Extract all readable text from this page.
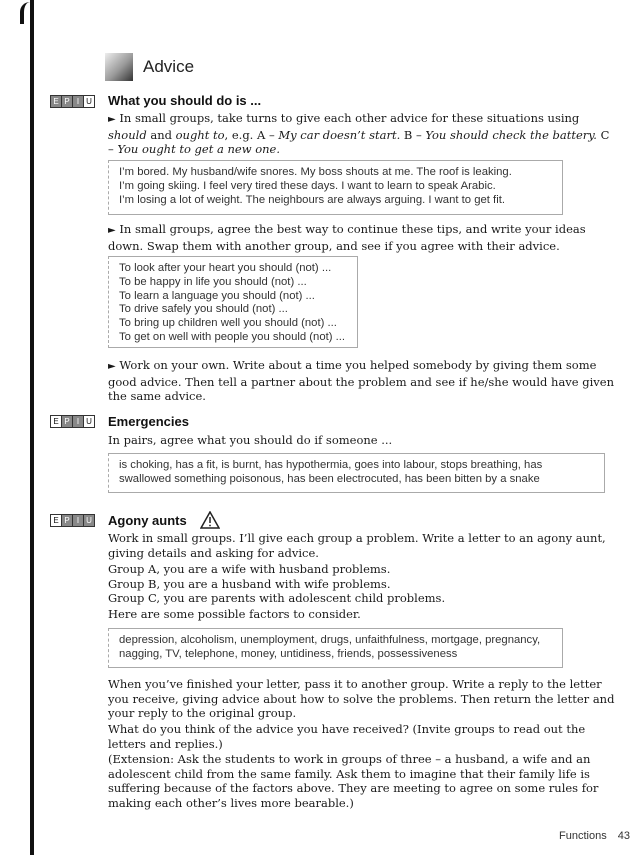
Advice
E P I U What you should do is ...
► In small groups, take turns to give each other advice for these situations using should and ought to, e.g. A – My car doesn’t start. B – You should check the battery. C – You ought to get a new one.
I’m bored. My husband/wife snores. My boss shouts at me. The roof is leaking.
I’m going skiing. I feel very tired these days. I want to learn to speak Arabic.
I’m losing a lot of weight. The neighbours are always arguing. I want to get fit.
► In small groups, agree the best way to continue these tips, and write your ideas down. Swap them with another group, and see if you agree with their advice.
To look after your heart you should (not) ...
To be happy in life you should (not) ...
To learn a language you should (not) ...
To drive safely you should (not) ...
To bring up children well you should (not) ...
To get on well with people you should (not) ...
► Work on your own. Write about a time you helped somebody by giving them some good advice. Then tell a partner about the problem and see if he/she would have given the same advice.
E P I U Emergencies
In pairs, agree what you should do if someone ...
is choking, has a fit, is burnt, has hypothermia, goes into labour, stops breathing, has swallowed something poisonous, has been electrocuted, has been bitten by a snake
E P I U Agony aunts
Work in small groups. I’ll give each group a problem. Write a letter to an agony aunt, giving details and asking for advice.
Group A, you are a wife with husband problems.
Group B, you are a husband with wife problems.
Group C, you are parents with adolescent child problems.
Here are some possible factors to consider.
depression, alcoholism, unemployment, drugs, unfaithfulness, mortgage, pregnancy, nagging, TV, telephone, money, untidiness, friends, possessiveness
When you’ve finished your letter, pass it to another group. Write a reply to the letter you receive, giving advice about how to solve the problems. Then return the letter and your reply to the original group.
What do you think of the advice you have received? (Invite groups to read out the letters and replies.)
(Extension: Ask the students to work in groups of three – a husband, a wife and an adolescent child from the same family. Ask them to imagine that their family life is suffering because of the factors above. They are meeting to agree on some rules for making each other’s lives more bearable.)
Functions 43
